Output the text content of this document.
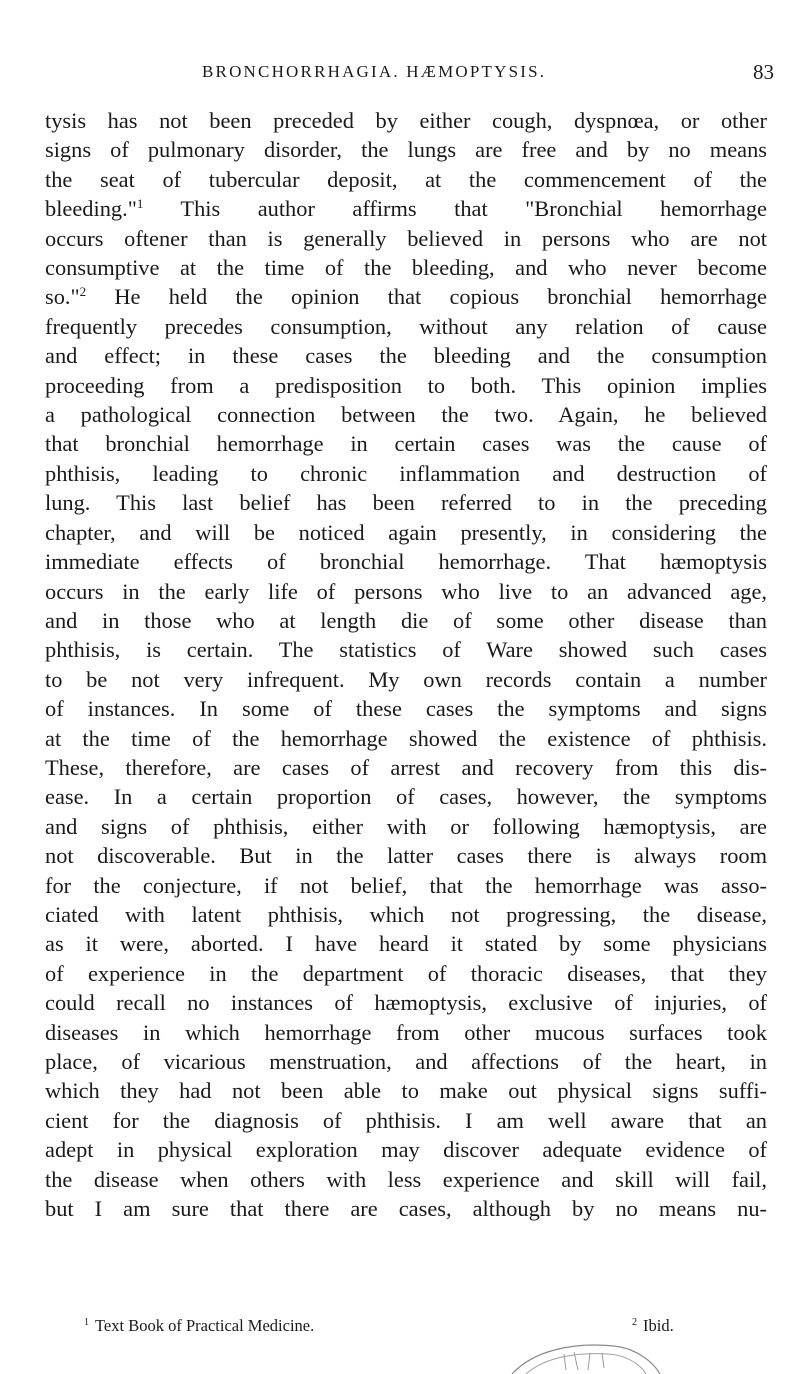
BRONCHORRHAGIA. HÆMOPTYSIS.	83
tysis has not been preceded by either cough, dyspnœa, or other
signs of pulmonary disorder, the lungs are free and by no means
the seat of tubercular deposit, at the commencement of the
bleeding."$^1$ This author affirms that "Bronchial hemorrhage
occurs oftener than is generally believed in persons who are not
consumptive at the time of the bleeding, and who never become
so."$^2$ He held the opinion that copious bronchial hemorrhage
frequently precedes consumption, without any relation of cause
and effect; in these cases the bleeding and the consumption
proceeding from a predisposition to both. This opinion implies
a pathological connection between the two. Again, he believed
that bronchial hemorrhage in certain cases was the cause of
phthisis, leading to chronic inflammation and destruction of
lung. This last belief has been referred to in the preceding
chapter, and will be noticed again presently, in considering the
immediate effects of bronchial hemorrhage. That hæmoptysis
occurs in the early life of persons who live to an advanced age,
and in those who at length die of some other disease than
phthisis, is certain. The statistics of Ware showed such cases
to be not very infrequent. My own records contain a number
of instances. In some of these cases the symptoms and signs
at the time of the hemorrhage showed the existence of phthisis.
These, therefore, are cases of arrest and recovery from this dis-
ease. In a certain proportion of cases, however, the symptoms
and signs of phthisis, either with or following hæmoptysis, are
not discoverable. But in the latter cases there is always room
for the conjecture, if not belief, that the hemorrhage was asso-
ciated with latent phthisis, which not progressing, the disease,
as it were, aborted. I have heard it stated by some physicians
of experience in the department of thoracic diseases, that they
could recall no instances of hæmoptysis, exclusive of injuries, of
diseases in which hemorrhage from other mucous surfaces took
place, of vicarious menstruation, and affections of the heart, in
which they had not been able to make out physical signs suffi-
cient for the diagnosis of phthisis. I am well aware that an
adept in physical exploration may discover adequate evidence of
the disease when others with less experience and skill will fail,
but I am sure that there are cases, although by no means nu-
$^1$ Text Book of Practical Medicine.	$^2$ Ibid.
